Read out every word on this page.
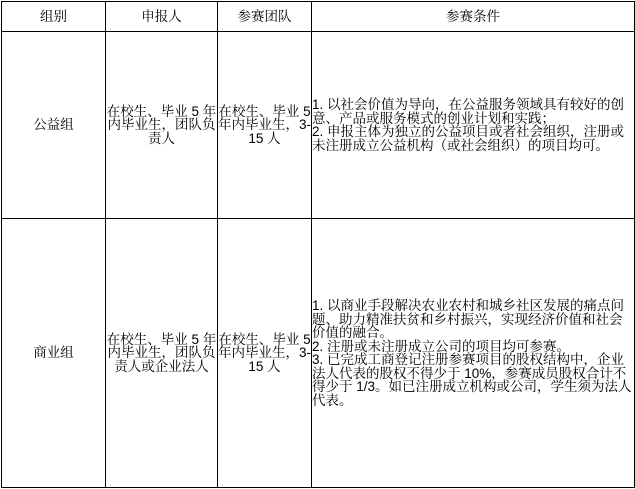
组别	申报人	参赛团队	参赛条件
公益组	在校生、毕业 5 年内毕业生，团队负责人	在校生、毕业 5 年内毕业生，3-15 人	1. 以社会价值为导向，在公益服务领域具有较好的创意、产品或服务模式的创业计划和实践；

2. 申报主体为独立的公益项目或者社会组织，注册或未注册成立公益机构（或社会组织）的项目均可。

商业组	在校生、毕业 5 年内毕业生，团队负责人或企业法人	在校生、毕业 5 年内毕业生，3-15 人	1. 以商业手段解决农业农村和城乡社区发展的痛点问题、助力精准扶贫和乡村振兴，实现经济价值和社会价值的融合。

2. 注册或未注册成立公司的项目均可参赛。

3. 已完成工商登记注册参赛项目的股权结构中，企业法人代表的股权不得少于 10%，参赛成员股权合计不得少于 1/3。如已注册成立机构或公司，学生须为法人代表。
